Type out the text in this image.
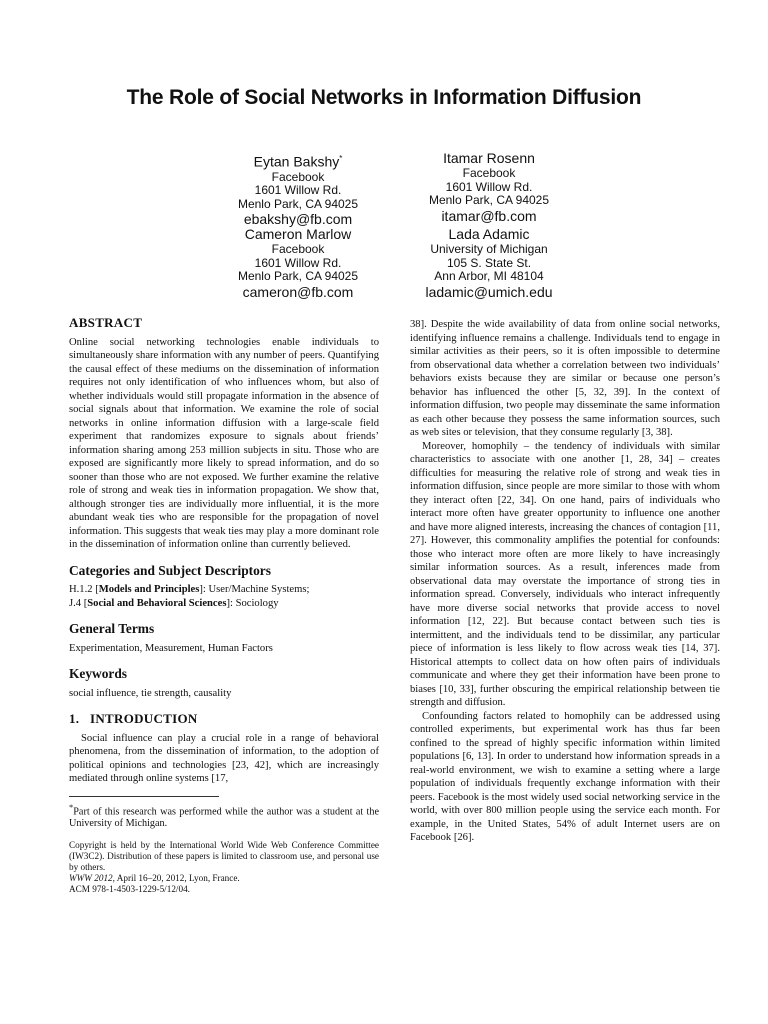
The Role of Social Networks in Information Diffusion
Eytan Bakshy*
Facebook
1601 Willow Rd.
Menlo Park, CA 94025
ebakshy@fb.com
Itamar Rosenn
Facebook
1601 Willow Rd.
Menlo Park, CA 94025
itamar@fb.com
Cameron Marlow
Facebook
1601 Willow Rd.
Menlo Park, CA 94025
cameron@fb.com
Lada Adamic
University of Michigan
105 S. State St.
Ann Arbor, MI 48104
ladamic@umich.edu
ABSTRACT

Online social networking technologies enable individuals to simultaneously share information with any number of peers. Quantifying the causal effect of these mediums on the dissemination of information requires not only identification of who influences whom, but also of whether individuals would still propagate information in the absence of social signals about that information. We examine the role of social networks in online information diffusion with a large-scale field experiment that randomizes exposure to signals about friends’ information sharing among 253 million subjects in situ. Those who are exposed are significantly more likely to spread information, and do so sooner than those who are not exposed. We further examine the relative role of strong and weak ties in information propagation. We show that, although stronger ties are individually more influential, it is the more abundant weak ties who are responsible for the propagation of novel information. This suggests that weak ties may play a more dominant role in the dissemination of information online than currently believed.

Categories and Subject Descriptors

H.1.2 [Models and Principles]: User/Machine Systems;

J.4 [Social and Behavioral Sciences]: Sociology

General Terms

Experimentation, Measurement, Human Factors

Keywords

social influence, tie strength, causality

1.   INTRODUCTION

Social influence can play a crucial role in a range of behavioral phenomena, from the dissemination of information, to the adoption of political opinions and technologies [23, 42], which are increasingly mediated through online systems [17,

*Part of this research was performed while the author was a student at the University of Michigan.

Copyright is held by the International World Wide Web Conference Committee (IW3C2). Distribution of these papers is limited to classroom use, and personal use by others.

WWW 2012, April 16–20, 2012, Lyon, France.

ACM 978-1-4503-1229-5/12/04.

38]. Despite the wide availability of data from online social networks, identifying influence remains a challenge. Individuals tend to engage in similar activities as their peers, so it is often impossible to determine from observational data whether a correlation between two individuals’ behaviors exists because they are similar or because one person’s behavior has influenced the other [5, 32, 39]. In the context of information diffusion, two people may disseminate the same information as each other because they possess the same information sources, such as web sites or television, that they consume regularly [3, 38].

Moreover, homophily – the tendency of individuals with similar characteristics to associate with one another [1, 28, 34] – creates difficulties for measuring the relative role of strong and weak ties in information diffusion, since people are more similar to those with whom they interact often [22, 34]. On one hand, pairs of individuals who interact more often have greater opportunity to influence one another and have more aligned interests, increasing the chances of contagion [11, 27]. However, this commonality amplifies the potential for confounds: those who interact more often are more likely to have increasingly similar information sources. As a result, inferences made from observational data may overstate the importance of strong ties in information spread. Conversely, individuals who interact infrequently have more diverse social networks that provide access to novel information [12, 22]. But because contact between such ties is intermittent, and the individuals tend to be dissimilar, any particular piece of information is less likely to flow across weak ties [14, 37]. Historical attempts to collect data on how often pairs of individuals communicate and where they get their information have been prone to biases [10, 33], further obscuring the empirical relationship between tie strength and diffusion.

Confounding factors related to homophily can be addressed using controlled experiments, but experimental work has thus far been confined to the spread of highly specific information within limited populations [6, 13]. In order to understand how information spreads in a real-world environment, we wish to examine a setting where a large population of individuals frequently exchange information with their peers. Facebook is the most widely used social networking service in the world, with over 800 million people using the service each month. For example, in the United States, 54% of adult Internet users are on Facebook [26].
